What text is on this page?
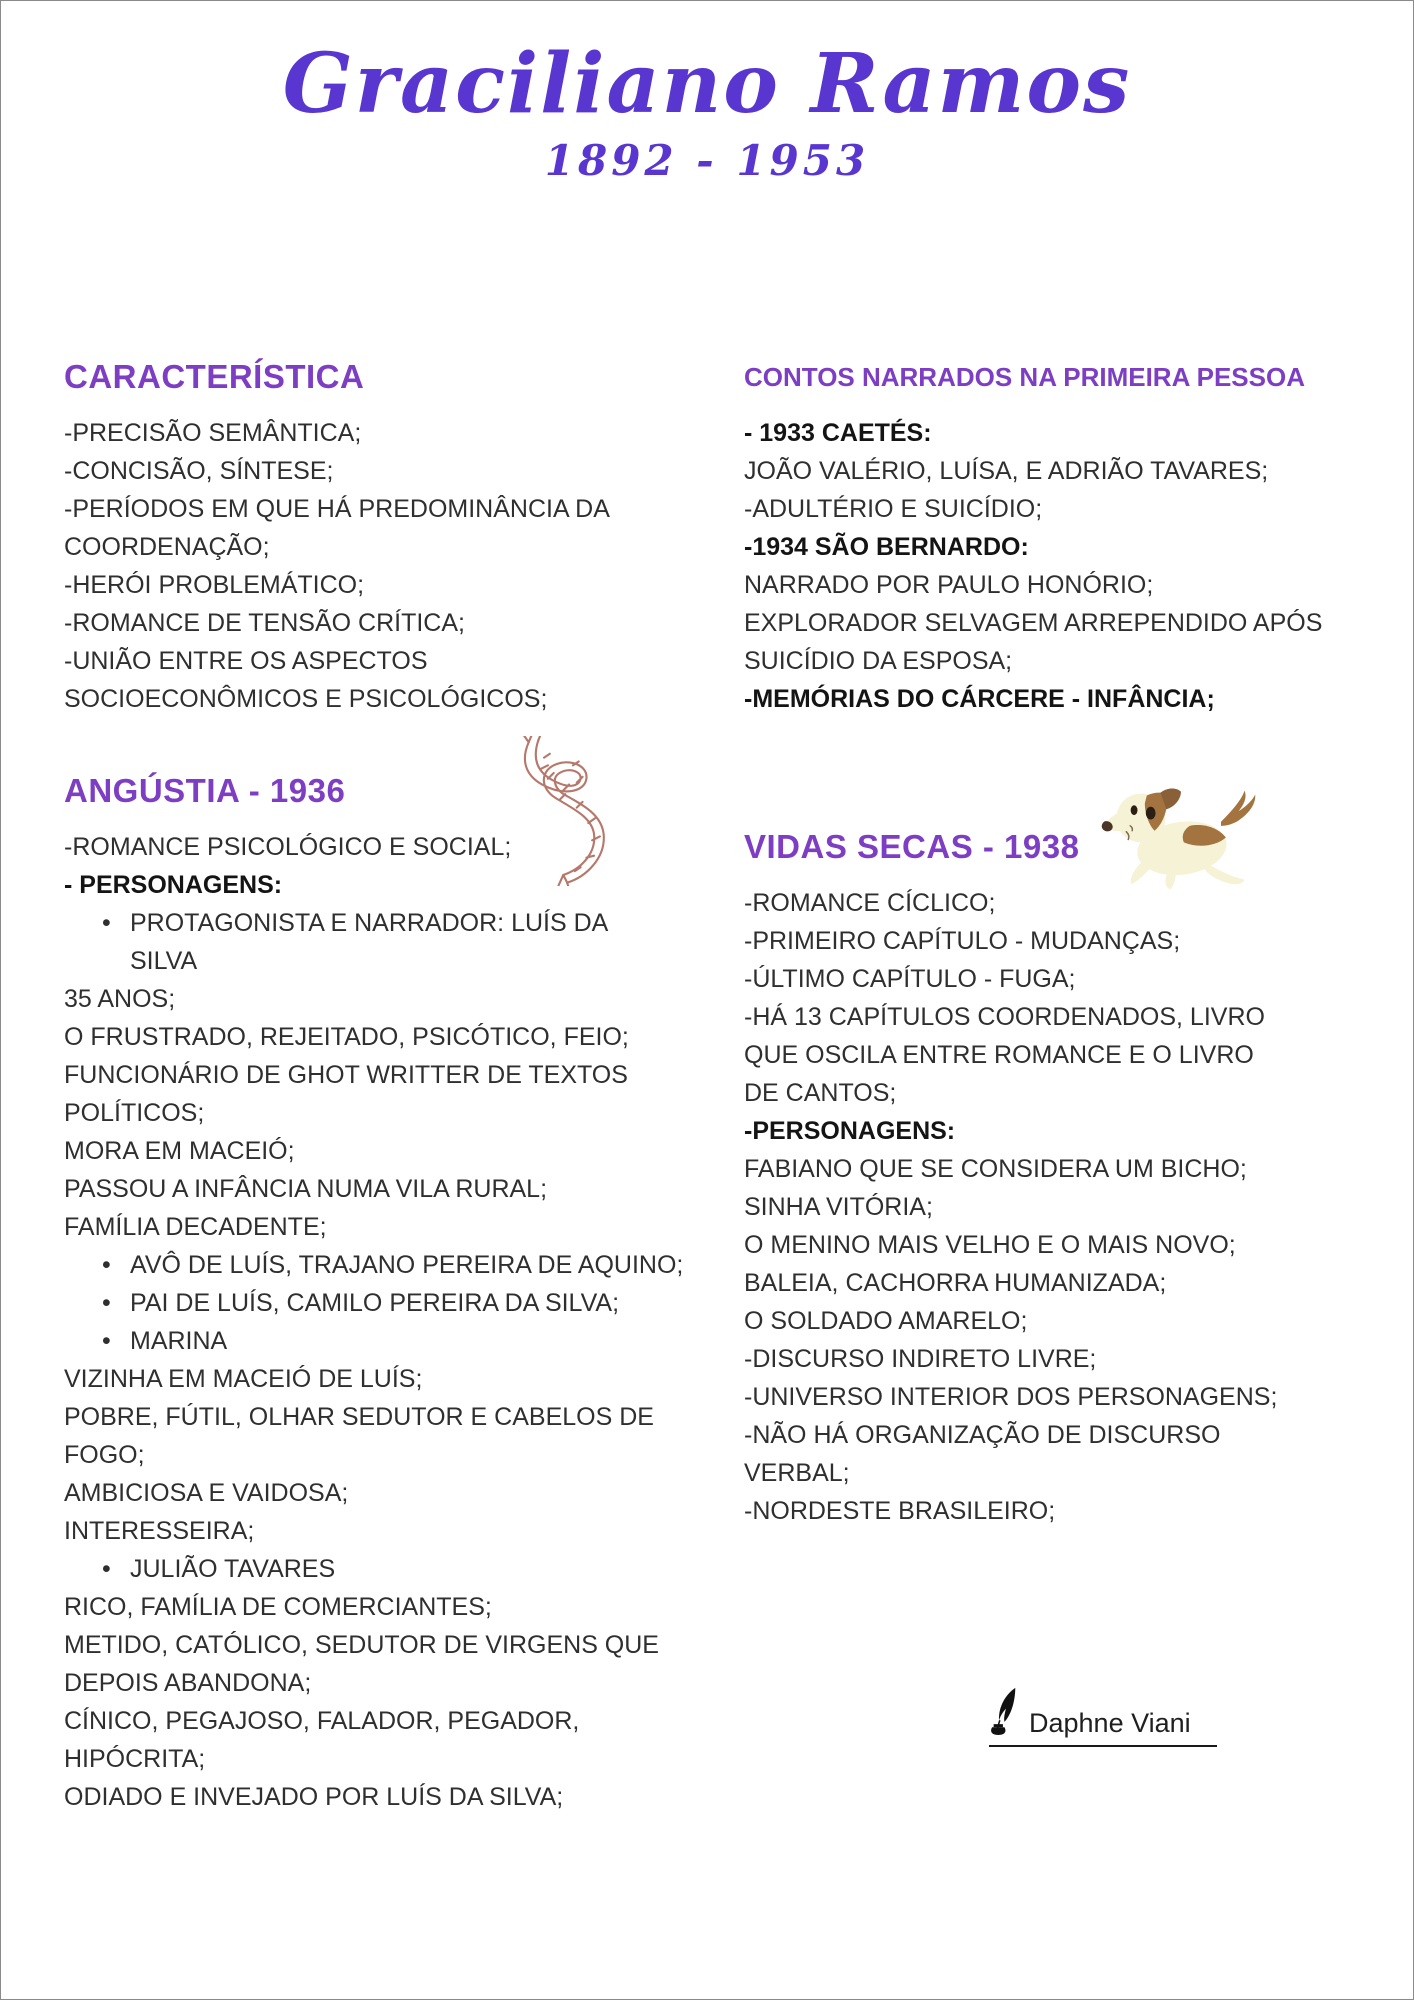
Graciliano Ramos
1892 - 1953
CARACTERÍSTICA
-PRECISÃO SEMÂNTICA;
-CONCISÃO, SÍNTESE;
-PERÍODOS EM QUE HÁ PREDOMINÂNCIA DA
COORDENAÇÃO;
-HERÓI PROBLEMÁTICO;
-ROMANCE DE TENSÃO CRÍTICA;
-UNIÃO ENTRE OS ASPECTOS
SOCIOECONÔMICOS E PSICOLÓGICOS;
ANGÚSTIA - 1936
-ROMANCE PSICOLÓGICO E SOCIAL;
- PERSONAGENS:
• PROTAGONISTA E NARRADOR: LUÍS DA
SILVA
35 ANOS;
O FRUSTRADO, REJEITADO, PSICÓTICO, FEIO;
FUNCIONÁRIO DE GHOT WRITTER DE TEXTOS
POLÍTICOS;
MORA EM MACEIÓ;
PASSOU A INFÂNCIA NUMA VILA RURAL;
FAMÍLIA DECADENTE;
• AVÔ DE LUÍS, TRAJANO PEREIRA DE AQUINO;
• PAI DE LUÍS, CAMILO PEREIRA DA SILVA;
• MARINA
VIZINHA EM MACEIÓ DE LUÍS;
POBRE, FÚTIL, OLHAR SEDUTOR E CABELOS DE
FOGO;
AMBICIOSA E VAIDOSA;
INTERESSEIRA;
• JULIÃO TAVARES
RICO, FAMÍLIA DE COMERCIANTES;
METIDO, CATÓLICO, SEDUTOR DE VIRGENS QUE
DEPOIS ABANDONA;
CÍNICO, PEGAJOSO, FALADOR, PEGADOR,
HIPÓCRITA;
ODIADO E INVEJADO POR LUÍS DA SILVA;
CONTOS NARRADOS NA PRIMEIRA PESSOA
- 1933 CAETÉS:
JOÃO VALÉRIO, LUÍSA, E ADRIÃO TAVARES;
-ADULTÉRIO E SUICÍDIO;
-1934 SÃO BERNARDO:
NARRADO POR PAULO HONÓRIO;
EXPLORADOR SELVAGEM ARREPENDIDO APÓS
SUICÍDIO DA ESPOSA;
-MEMÓRIAS DO CÁRCERE - INFÂNCIA;
VIDAS SECAS - 1938
-ROMANCE CÍCLICO;
-PRIMEIRO CAPÍTULO - MUDANÇAS;
-ÚLTIMO CAPÍTULO - FUGA;
-HÁ 13 CAPÍTULOS COORDENADOS, LIVRO
QUE OSCILA ENTRE ROMANCE E O LIVRO
DE CANTOS;
-PERSONAGENS:
FABIANO QUE SE CONSIDERA UM BICHO;
SINHA VITÓRIA;
O MENINO MAIS VELHO E O MAIS NOVO;
BALEIA, CACHORRA HUMANIZADA;
O SOLDADO AMARELO;
-DISCURSO INDIRETO LIVRE;
-UNIVERSO INTERIOR DOS PERSONAGENS;
-NÃO HÁ ORGANIZAÇÃO DE DISCURSO
VERBAL;
-NORDESTE BRASILEIRO;
Daphne Viani
